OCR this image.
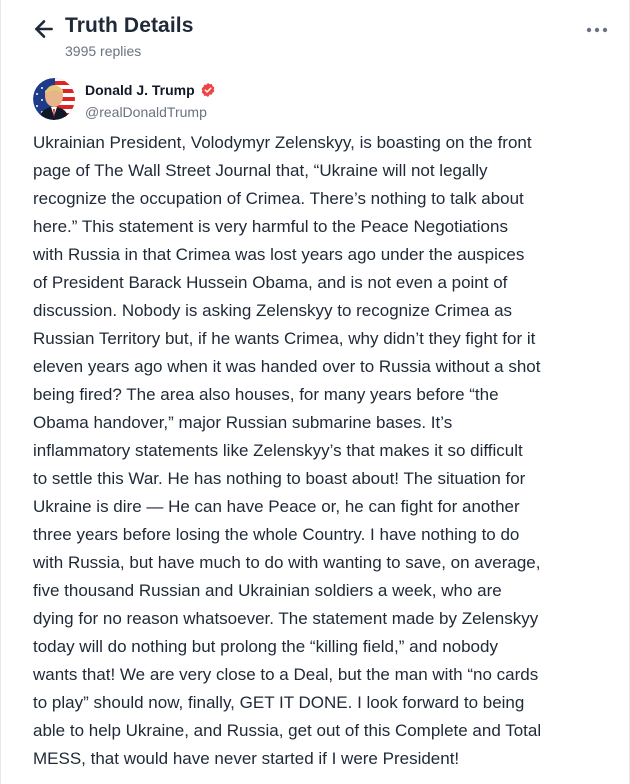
Truth Details
3995 replies
Donald J. Trump
@realDonaldTrump
Ukrainian President, Volodymyr Zelenskyy, is boasting on the front
page of The Wall Street Journal that, “Ukraine will not legally
recognize the occupation of Crimea. There’s nothing to talk about
here.” This statement is very harmful to the Peace Negotiations
with Russia in that Crimea was lost years ago under the auspices
of President Barack Hussein Obama, and is not even a point of
discussion. Nobody is asking Zelenskyy to recognize Crimea as
Russian Territory but, if he wants Crimea, why didn’t they fight for it
eleven years ago when it was handed over to Russia without a shot
being fired? The area also houses, for many years before “the
Obama handover,” major Russian submarine bases. It’s
inflammatory statements like Zelenskyy’s that makes it so difficult
to settle this War. He has nothing to boast about! The situation for
Ukraine is dire — He can have Peace or, he can fight for another
three years before losing the whole Country. I have nothing to do
with Russia, but have much to do with wanting to save, on average,
five thousand Russian and Ukrainian soldiers a week, who are
dying for no reason whatsoever. The statement made by Zelenskyy
today will do nothing but prolong the “killing field,” and nobody
wants that! We are very close to a Deal, but the man with “no cards
to play” should now, finally, GET IT DONE. I look forward to being
able to help Ukraine, and Russia, get out of this Complete and Total
MESS, that would have never started if I were President!
